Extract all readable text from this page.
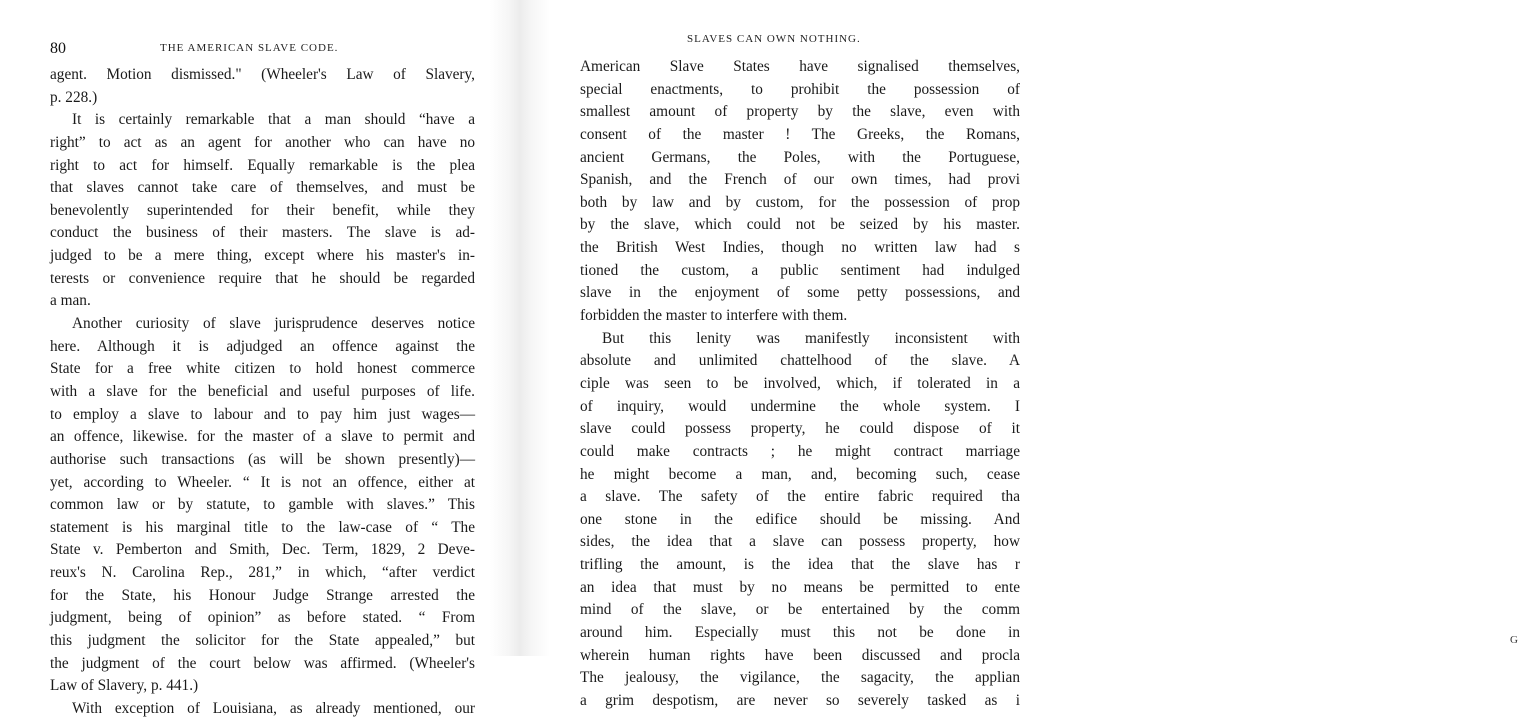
80	THE AMERICAN SLAVE CODE.
agent. Motion dismissed." (Wheeler's Law of Slavery,
p. 228.)
It is certainly remarkable that a man should “have a
right” to act as an agent for another who can have no
right to act for himself. Equally remarkable is the plea
that slaves cannot take care of themselves, and must be
benevolently superintended for their benefit, while they
conduct the business of their masters. The slave is ad-
judged to be a mere thing, except where his master's in-
terests or convenience require that he should be regarded
a man.
Another curiosity of slave jurisprudence deserves notice
here. Although it is adjudged an offence against the
State for a free white citizen to hold honest commerce
with a slave for the beneficial and useful purposes of life.
to employ a slave to labour and to pay him just wages—
an offence, likewise. for the master of a slave to permit and
authorise such transactions (as will be shown presently)—
yet, according to Wheeler. “ It is not an offence, either at
common law or by statute, to gamble with slaves.” This
statement is his marginal title to the law-case of “ The
State v. Pemberton and Smith, Dec. Term, 1829, 2 Deve-
reux's N. Carolina Rep., 281,” in which, “after verdict
for the State, his Honour Judge Strange arrested the
judgment, being of opinion” as before stated. “ From
this judgment the solicitor for the State appealed,” but
the judgment of the court below was affirmed. (Wheeler's
Law of Slavery, p. 441.)
With exception of Louisiana, as already mentioned, our
SLAVES CAN OWN NOTHING.
American Slave States have signalised themselves,
special enactments, to prohibit the possession of
smallest amount of property by the slave, even with
consent of the master ! The Greeks, the Romans,
ancient Germans, the Poles, with the Portuguese,
Spanish, and the French of our own times, had provi
both by law and by custom, for the possession of prop
by the slave, which could not be seized by his master.
the British West Indies, though no written law had s
tioned the custom, a public sentiment had indulged
slave in the enjoyment of some petty possessions, and
forbidden the master to interfere with them.
But this lenity was manifestly inconsistent with
absolute and unlimited chattelhood of the slave. A
ciple was seen to be involved, which, if tolerated in a
of inquiry, would undermine the whole system. I
slave could possess property, he could dispose of it
could make contracts ; he might contract marriage
he might become a man, and, becoming such, cease
a slave. The safety of the entire fabric required tha
one stone in the edifice should be missing. And
sides, the idea that a slave can possess property, how
trifling the amount, is the idea that the slave has r
an idea that must by no means be permitted to ente
mind of the slave, or be entertained by the comm
around him. Especially must this not be done in
wherein human rights have been discussed and procla
The jealousy, the vigilance, the sagacity, the applian
a grim despotism, are never so severely tasked as i
G
